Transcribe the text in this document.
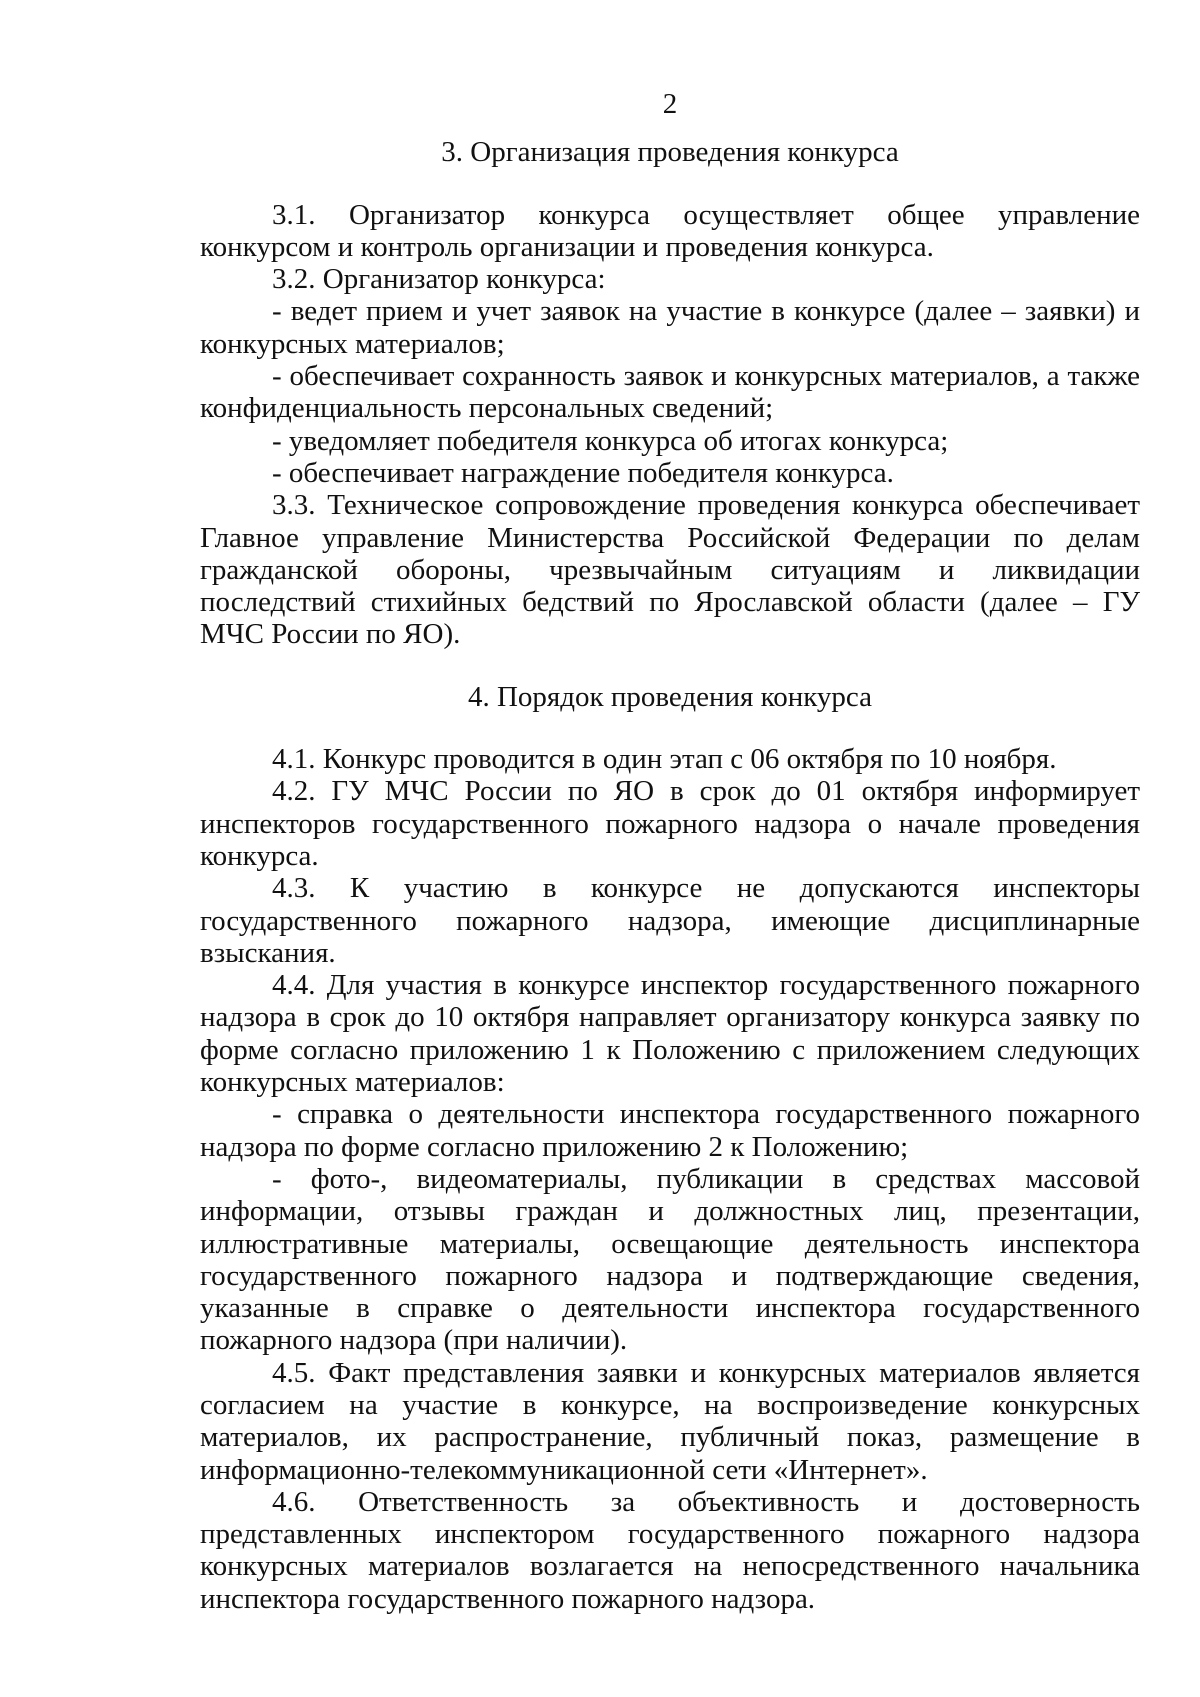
2
3. Организация проведения конкурса

3.1. Организатор конкурса осуществляет общее управление конкурсом и контроль организации и проведения конкурса.

3.2. Организатор конкурса:

- ведет прием и учет заявок на участие в конкурсе (далее – заявки) и конкурсных материалов;

- обеспечивает сохранность заявок и конкурсных материалов, а также конфиденциальность персональных сведений;

- уведомляет победителя конкурса об итогах конкурса;

- обеспечивает награждение победителя конкурса.

3.3. Техническое сопровождение проведения конкурса обеспечивает Главное управление Министерства Российской Федерации по делам гражданской обороны, чрезвычайным ситуациям и ликвидации последствий стихийных бедствий по Ярославской области (далее – ГУ МЧС России по ЯО).

4. Порядок проведения конкурса

4.1. Конкурс проводится в один этап с 06 октября по 10 ноября.

4.2. ГУ МЧС России по ЯО в срок до 01 октября информирует инспекторов государственного пожарного надзора о начале проведения конкурса.

4.3. К участию в конкурсе не допускаются инспекторы государственного пожарного надзора, имеющие дисциплинарные взыскания.

4.4. Для участия в конкурсе инспектор государственного пожарного надзора в срок до 10 октября направляет организатору конкурса заявку по форме согласно приложению 1 к Положению с приложением следующих конкурсных материалов:

- справка о деятельности инспектора государственного пожарного надзора по форме согласно приложению 2 к Положению;

- фото-, видеоматериалы, публикации в средствах массовой информации, отзывы граждан и должностных лиц, презентации, иллюстративные материалы, освещающие деятельность инспектора государственного пожарного надзора и подтверждающие сведения, указанные в справке о деятельности инспектора государственного пожарного надзора (при наличии).

4.5. Факт представления заявки и конкурсных материалов является согласием на участие в конкурсе, на воспроизведение конкурсных материалов, их распространение, публичный показ, размещение в информационно-телекоммуникационной сети «Интернет».

4.6. Ответственность за объективность и достоверность представленных инспектором государственного пожарного надзора конкурсных материалов возлагается на непосредственного начальника инспектора государственного пожарного надзора.
